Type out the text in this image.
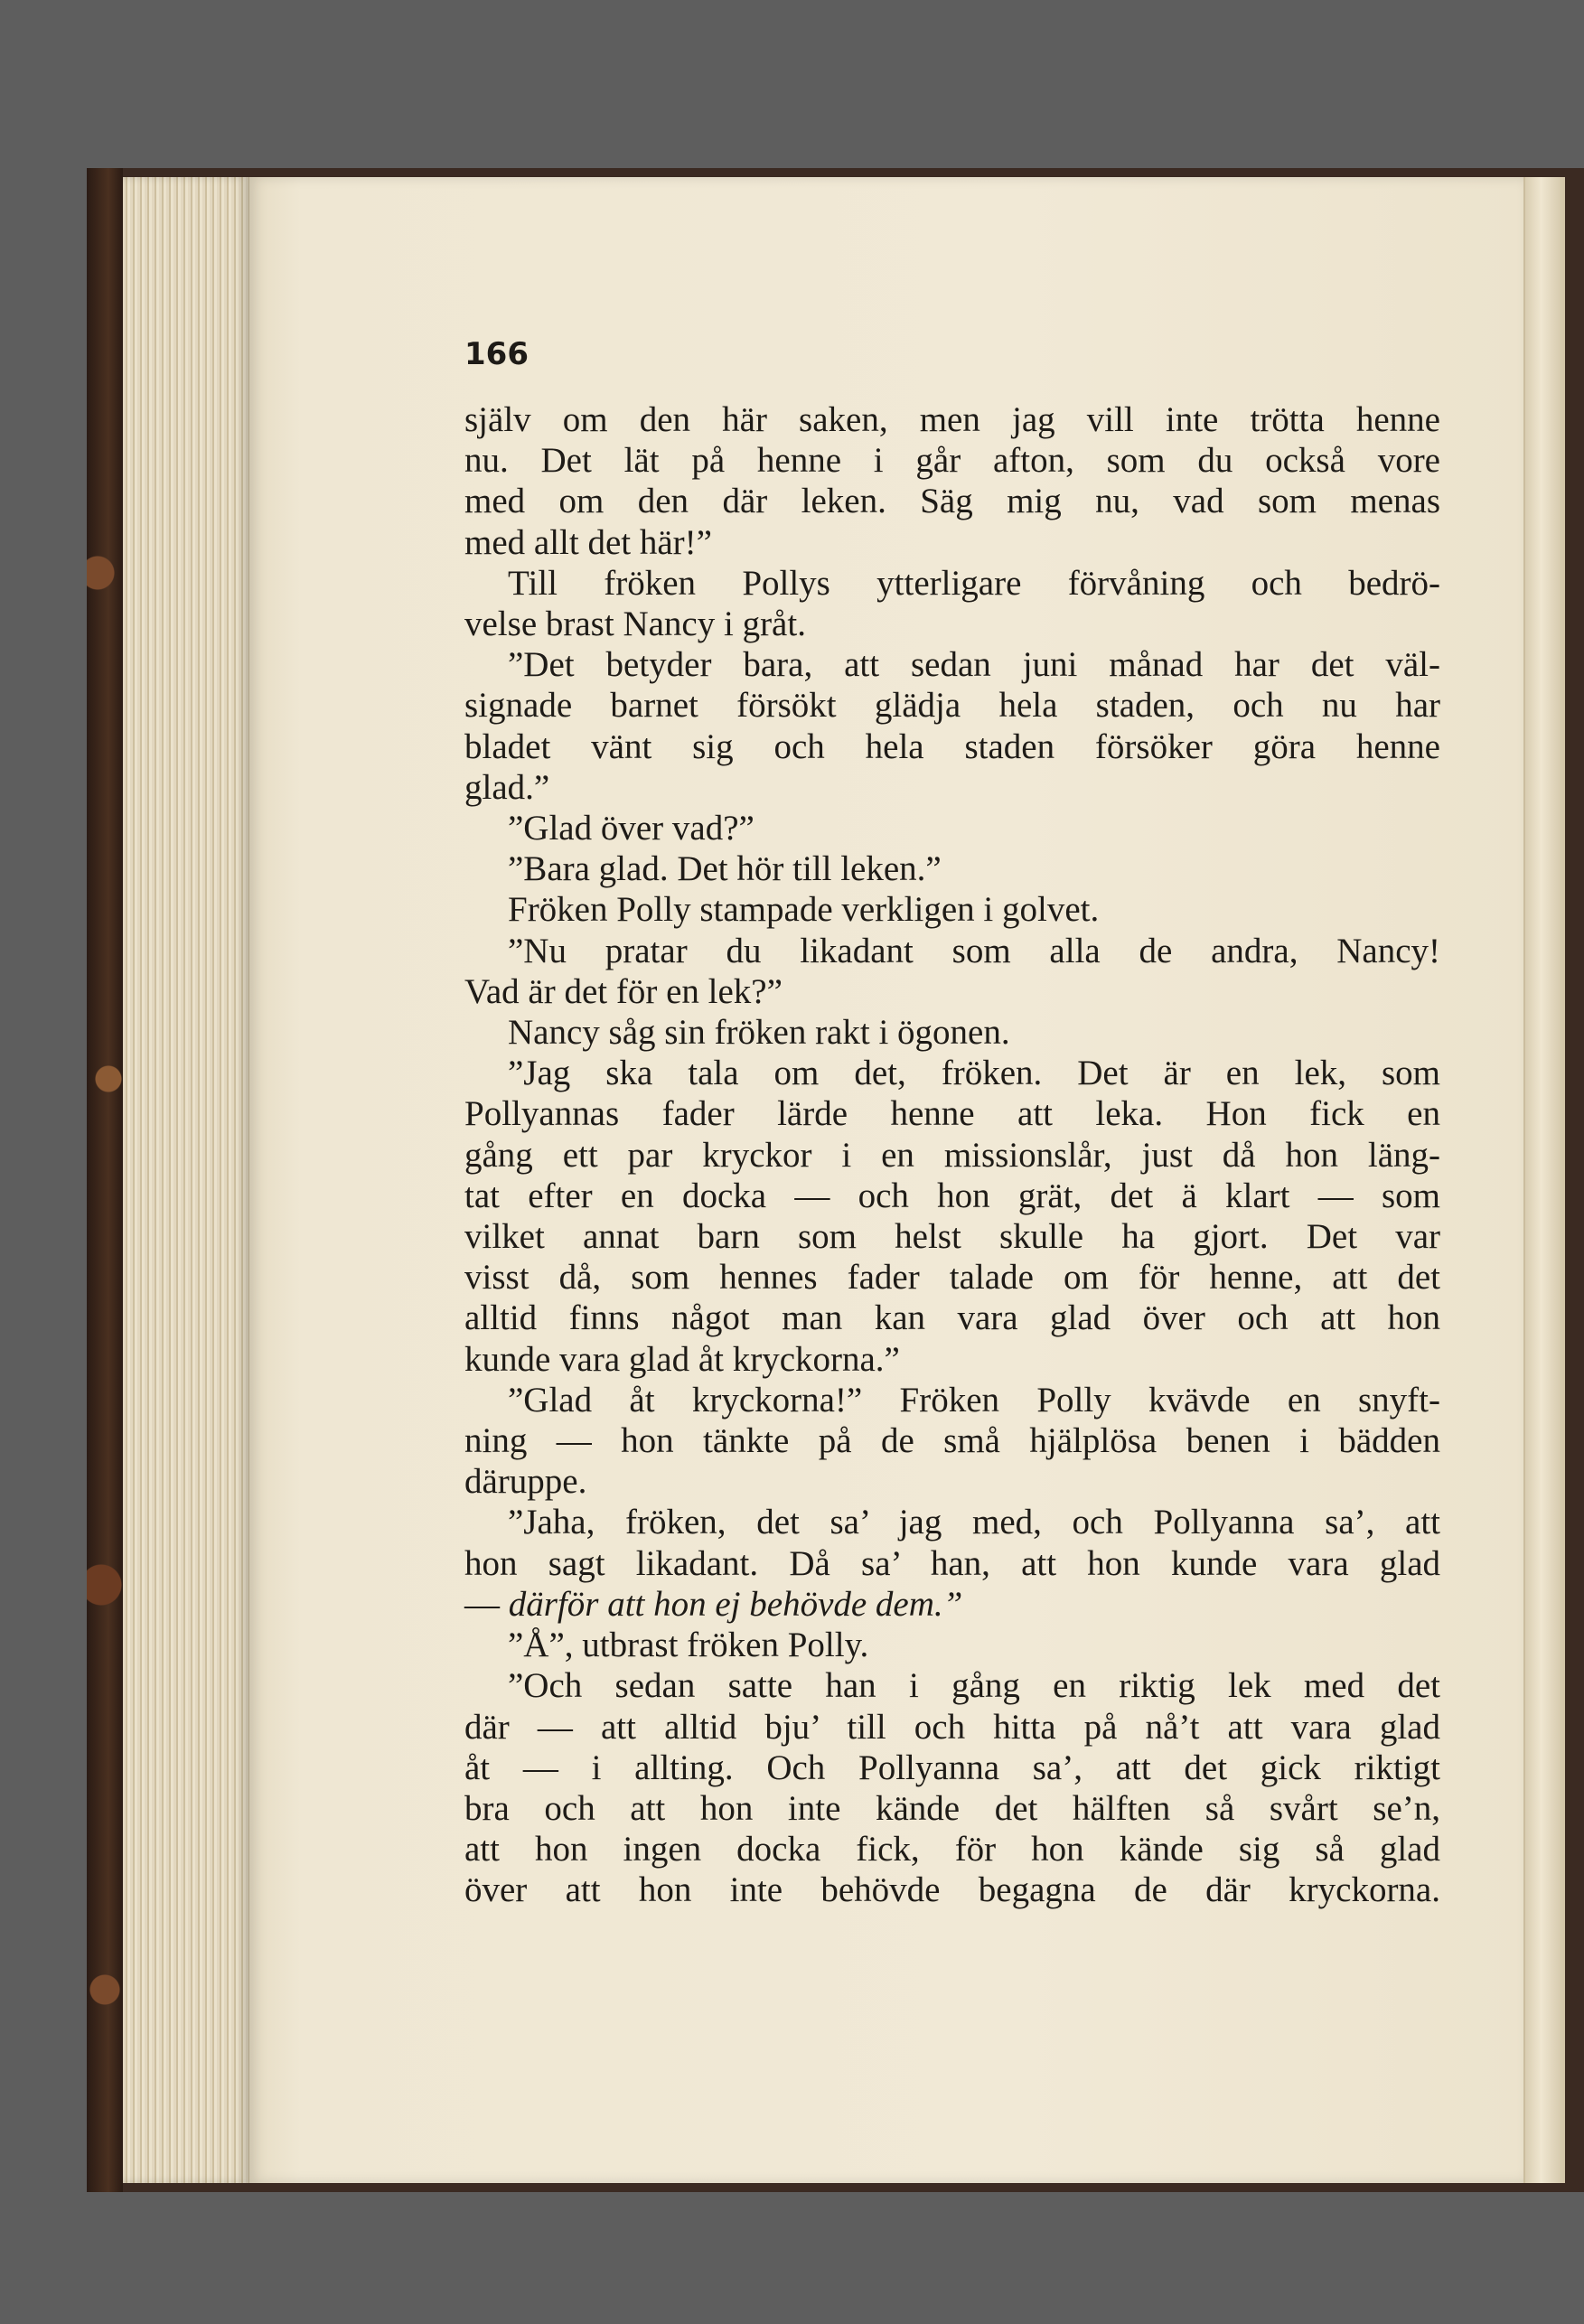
166
själv om den här saken, men jag vill inte trötta henne
nu. Det lät på henne i går afton, som du också vore
med om den där leken. Säg mig nu, vad som menas
med allt det här!”
Till fröken Pollys ytterligare förvåning och bedrö-
velse brast Nancy i gråt.
”Det betyder bara, att sedan juni månad har det väl-
signade barnet försökt glädja hela staden, och nu har
bladet vänt sig och hela staden försöker göra henne
glad.”
”Glad över vad?”
”Bara glad. Det hör till leken.”
Fröken Polly stampade verkligen i golvet.
”Nu pratar du likadant som alla de andra, Nancy!
Vad är det för en lek?”
Nancy såg sin fröken rakt i ögonen.
”Jag ska tala om det, fröken. Det är en lek, som
Pollyannas fader lärde henne att leka. Hon fick en
gång ett par kryckor i en missionslår, just då hon läng-
tat efter en docka — och hon grät, det ä klart — som
vilket annat barn som helst skulle ha gjort. Det var
visst då, som hennes fader talade om för henne, att det
alltid finns något man kan vara glad över och att hon
kunde vara glad åt kryckorna.”
”Glad åt kryckorna!” Fröken Polly kvävde en snyft-
ning — hon tänkte på de små hjälplösa benen i bädden
däruppe.
”Jaha, fröken, det sa’ jag med, och Pollyanna sa’, att
hon sagt likadant. Då sa’ han, att hon kunde vara glad
— därför att hon ej behövde dem.”
”Å”, utbrast fröken Polly.
”Och sedan satte han i gång en riktig lek med det
där — att alltid bju’ till och hitta på nå’t att vara glad
åt — i allting. Och Pollyanna sa’, att det gick riktigt
bra och att hon inte kände det hälften så svårt se’n,
att hon ingen docka fick, för hon kände sig så glad
över att hon inte behövde begagna de där kryckorna.
